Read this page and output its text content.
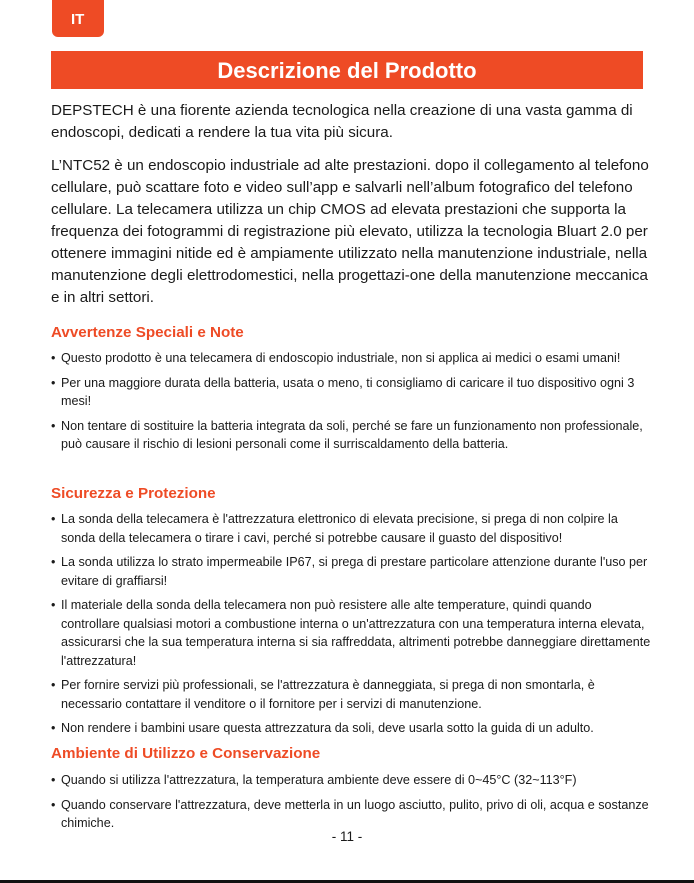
IT
Descrizione del Prodotto

DEPSTECH è una fiorente azienda tecnologica nella creazione di una vasta gamma di endoscopi, dedicati a rendere la tua vita più sicura.

L’NTC52 è un endoscopio industriale ad alte prestazioni. dopo il collegamento al telefono cellulare, può scattare foto e video sull’app e salvarli nell’album fotografico del telefono cellulare. La telecamera utilizza un chip CMOS ad elevata prestazioni che supporta la frequenza dei fotogrammi di registrazione più elevato, utilizza la tecnologia Bluart 2.0 per ottenere immagini nitide ed è ampiamente utilizzato nella manutenzione industriale, nella manutenzione degli elettrodomestici, nella progettazi-one della manutenzione meccanica e in altri settori.

Avvertenze Speciali e Note
• Questo prodotto è una telecamera di endoscopio industriale, non si applica ai medici o esami umani!
• Per una maggiore durata della batteria, usata o meno, ti consigliamo di caricare il tuo dispositivo ogni 3 mesi!
• Non tentare di sostituire la batteria integrata da soli, perché se fare un funzionamento non professionale, può causare il rischio di lesioni personali come il surriscaldamento della batteria.
Sicurezza e Protezione
• La sonda della telecamera è l'attrezzatura elettronico di elevata precisione, si prega di non colpire la sonda della telecamera o tirare i cavi, perché si potrebbe causare il guasto del dispositivo!
• La sonda utilizza lo strato impermeabile IP67, si prega di prestare particolare attenzione durante l'uso per evitare di graffiarsi!
• Il materiale della sonda della telecamera non può resistere alle alte temperature, quindi quando controllare qualsiasi motori a combustione interna o un'attrezzatura con una temperatura interna elevata, assicurarsi che la sua temperatura interna si sia raffreddata, altrimenti potrebbe danneggiare direttamente l'attrezzatura!
• Per fornire servizi più professionali, se l'attrezzatura è danneggiata, si prega di non smontarla, è necessario contattare il venditore o il fornitore per i servizi di manutenzione.
• Non rendere i bambini usare questa attrezzatura da soli, deve usarla sotto la guida di un adulto.
Ambiente di Utilizzo e Conservazione
• Quando si utilizza l'attrezzatura, la temperatura ambiente deve essere di 0~45°C (32~113°F)
• Quando conservare l'attrezzatura, deve metterla in un luogo asciutto, pulito, privo di oli, acqua e sostanze chimiche.
- 11 -
